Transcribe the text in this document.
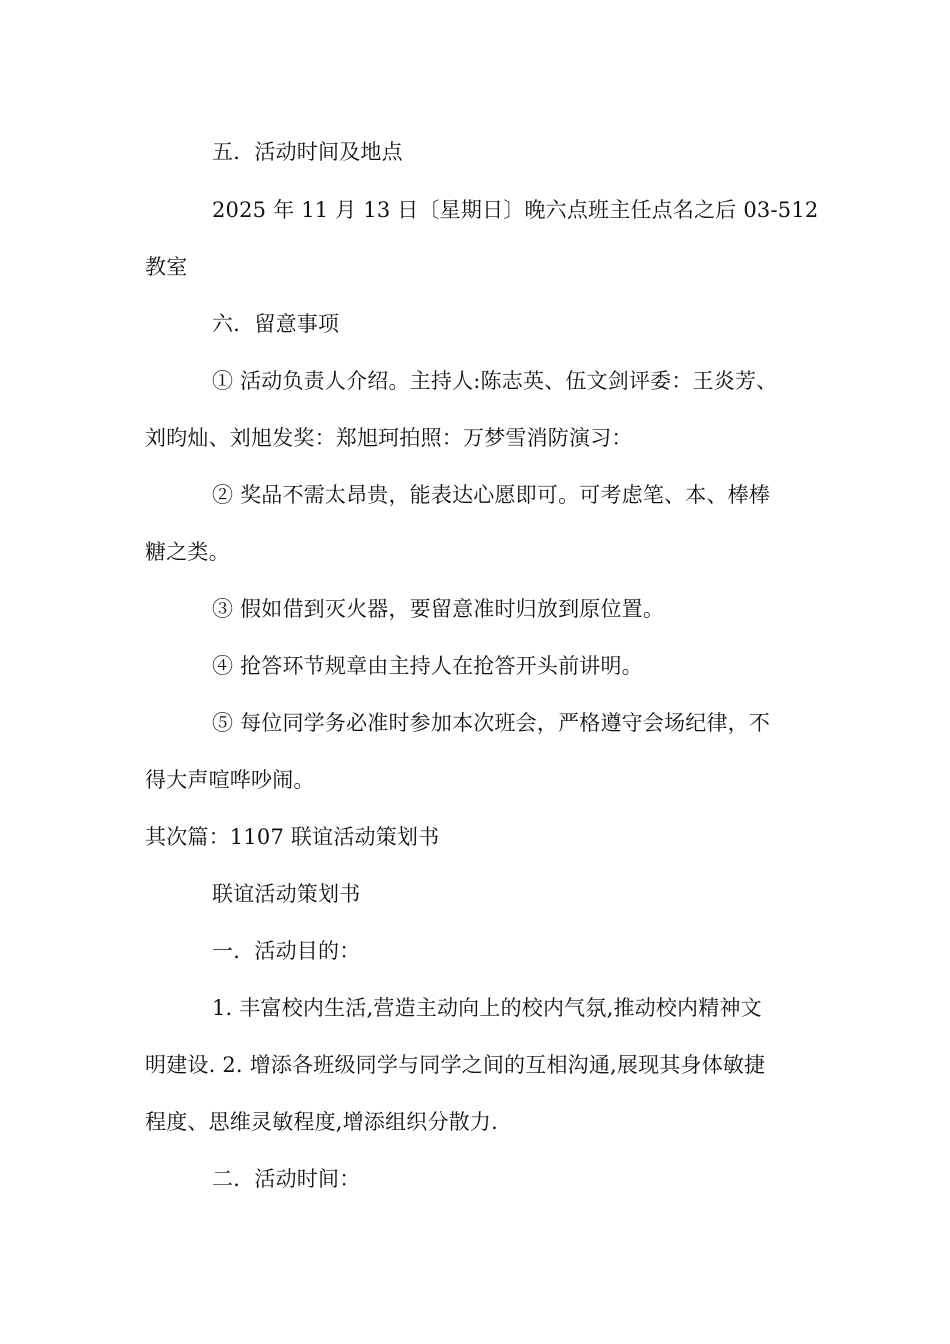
五．活动时间及地点
2025 年 11 月 13 日〔星期日〕晚六点班主任点名之后 03-512
教室
六．留意事项
① 活动负责人介绍。主持人:陈志英、伍文剑评委：王炎芳、
刘昀灿、刘旭发奖：郑旭珂拍照：万梦雪消防演习：
② 奖品不需太昂贵，能表达心愿即可。可考虑笔、本、棒棒
糖之类。
③ 假如借到灭火器，要留意准时归放到原位置。
④ 抢答环节规章由主持人在抢答开头前讲明。
⑤ 每位同学务必准时参加本次班会，严格遵守会场纪律，不
得大声喧哗吵闹。
其次篇：1107 联谊活动策划书
联谊活动策划书
一．活动目的：
1. 丰富校内生活,营造主动向上的校内气氛,推动校内精神文
明建设. 2. 增添各班级同学与同学之间的互相沟通,展现其身体敏捷
程度、思维灵敏程度,增添组织分散力.
二．活动时间：
